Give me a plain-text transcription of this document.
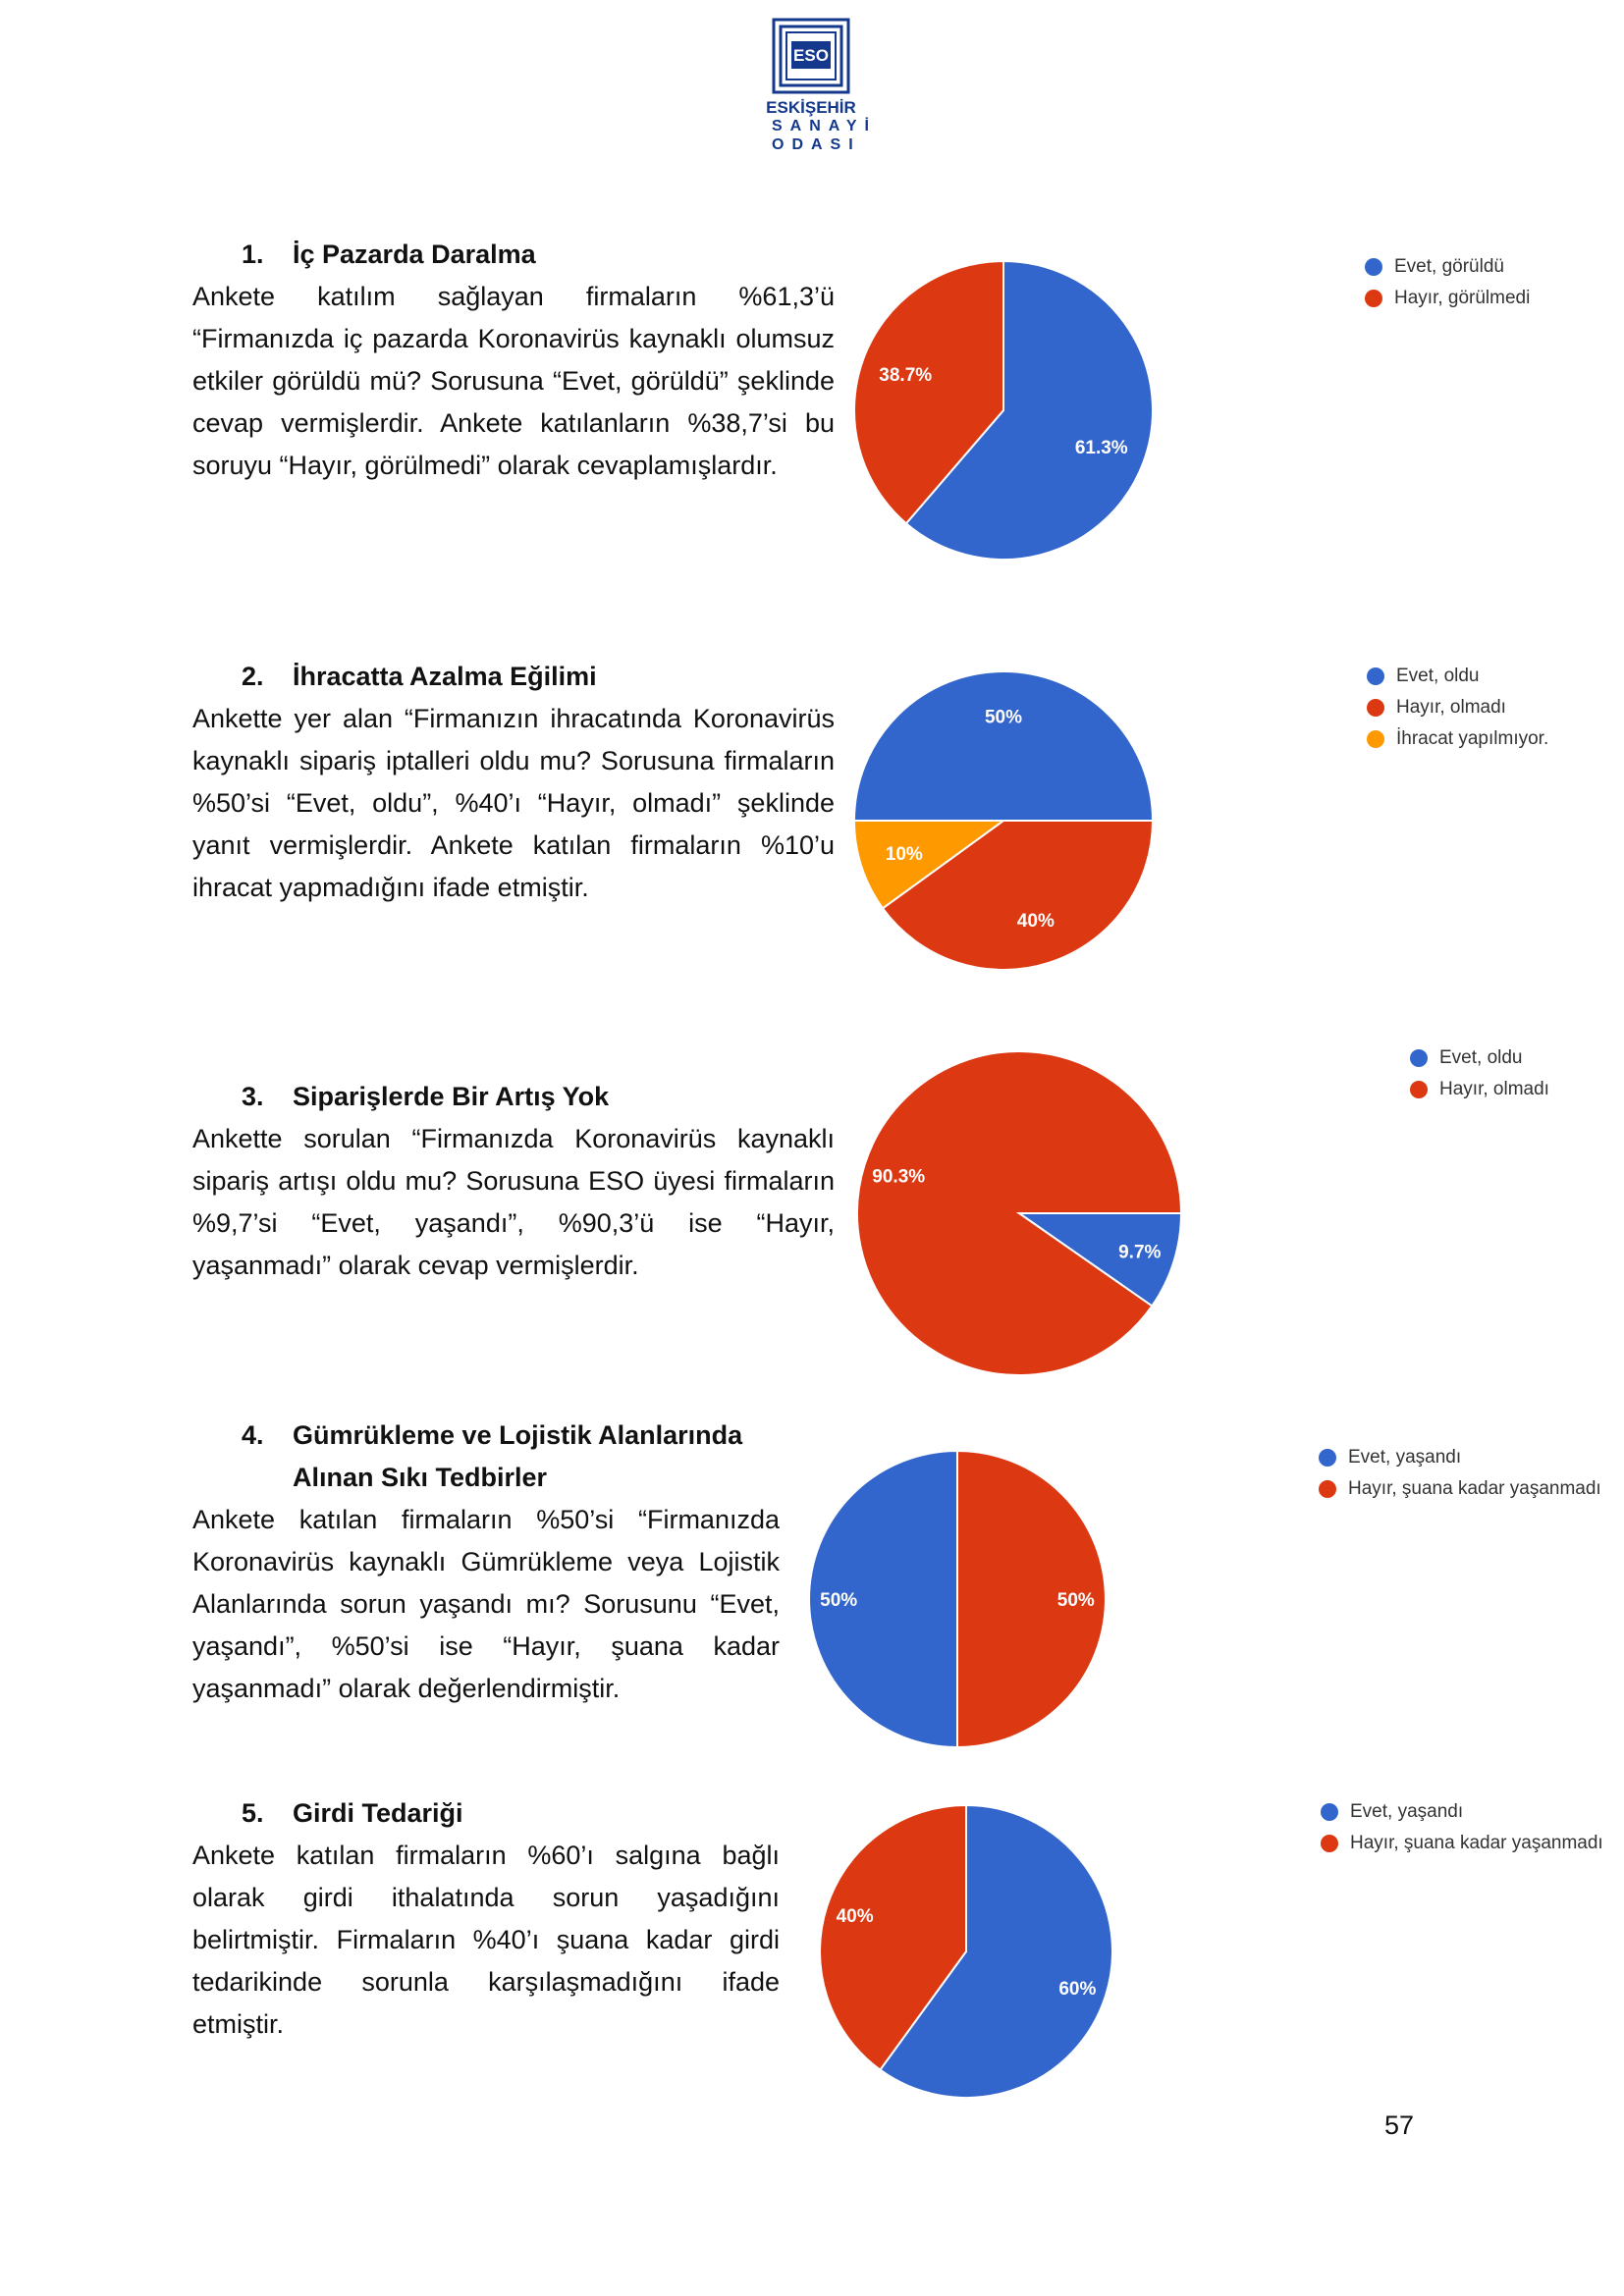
ESO
ESKİŞEHİR
SANAYİ
ODASI
1.	İç Pazarda Daralma
Ankete katılım sağlayan firmaların %61,3’ü “Firmanızda iç pazarda Koronavirüs kaynaklı olumsuz etkiler görüldü mü? Sorusuna “Evet, görüldü” şeklinde cevap vermişlerdir. Ankete katılanların %38,7’si bu soruyu “Hayır, görülmedi” olarak cevaplamışlardır.
61.3%
38.7%
Evet, görüldü
Hayır, görülmedi
2.	İhracatta Azalma Eğilimi
Ankette yer alan “Firmanızın ihracatında Koronavirüs kaynaklı sipariş iptalleri oldu mu? Sorusuna firmaların %50’si “Evet, oldu”, %40’ı “Hayır, olmadı” şeklinde yanıt vermişlerdir. Ankete katılan firmaların %10’u ihracat yapmadığını ifade etmiştir.
50%
40%
10%
Evet, oldu
Hayır, olmadı
İhracat yapılmıyor.
3.	Siparişlerde Bir Artış Yok
Ankette sorulan “Firmanızda Koronavirüs kaynaklı sipariş artışı oldu mu? Sorusuna ESO üyesi firmaların %9,7’si “Evet, yaşandı”, %90,3’ü ise “Hayır, yaşanmadı” olarak cevap vermişlerdir.	9.7%
90.3%
Evet, oldu
Hayır, olmadı
4.	Gümrükleme ve Lojistik Alanlarında Alınan Sıkı Tedbirler
Ankete katılan firmaların %50’si “Firmanızda Koronavirüs kaynaklı Gümrükleme veya Lojistik Alanlarında sorun yaşandı mı? Sorusunu “Evet, yaşandı”, %50’si ise “Hayır, şuana kadar yaşanmadı” olarak değerlendirmiştir.
50%	50%
Evet, yaşandı
Hayır, şuana kadar yaşanmadı
5.	Girdi Tedariği
Ankete katılan firmaların %60’ı salgına bağlı olarak girdi ithalatında sorun yaşadığını belirtmiştir. Firmaların %40’ı şuana kadar girdi tedarikinde sorunla karşılaşmadığını ifade etmiştir.
60%
40%
Evet, yaşandı
Hayır, şuana kadar yaşanmadı
57
